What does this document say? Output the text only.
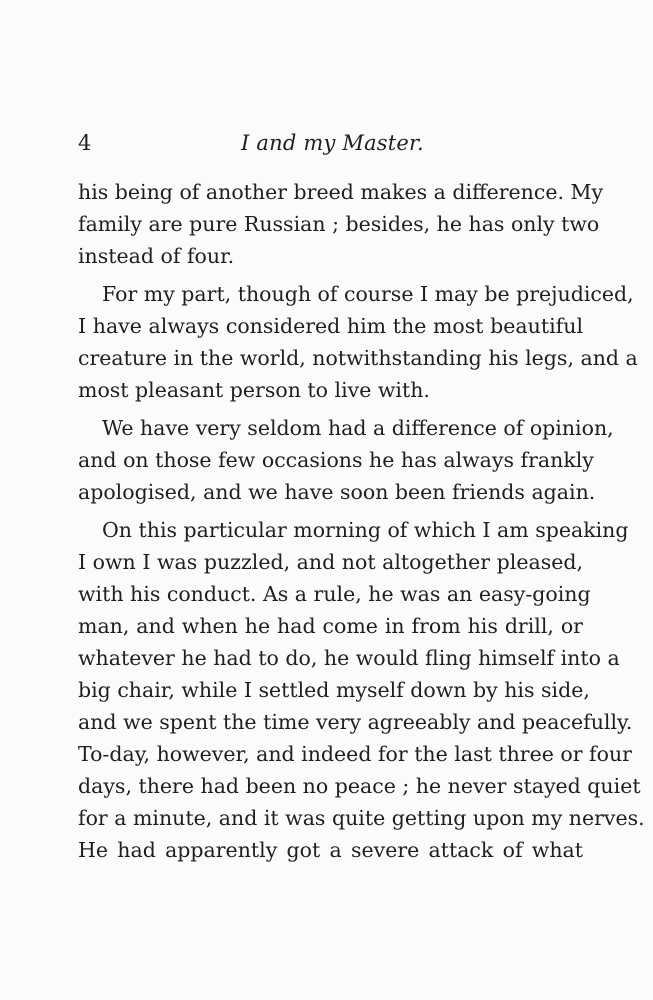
4	I and my Master.
his being of another breed makes a difference. My
family are pure Russian ; besides, he has only two
instead of four.
For my part, though of course I may be prejudiced,
I have always considered him the most beautiful
creature in the world, notwithstanding his legs, and a
most pleasant person to live with.
We have very seldom had a difference of opinion,
and on those few occasions he has always frankly
apologised, and we have soon been friends again.
On this particular morning of which I am speaking
I own I was puzzled, and not altogether pleased,
with his conduct. As a rule, he was an easy-going
man, and when he had come in from his drill, or
whatever he had to do, he would fling himself into a
big chair, while I settled myself down by his side,
and we spent the time very agreeably and peacefully.
To-day, however, and indeed for the last three or four
days, there had been no peace ; he never stayed quiet
for a minute, and it was quite getting upon my nerves.
He had apparently got a severe attack of what
